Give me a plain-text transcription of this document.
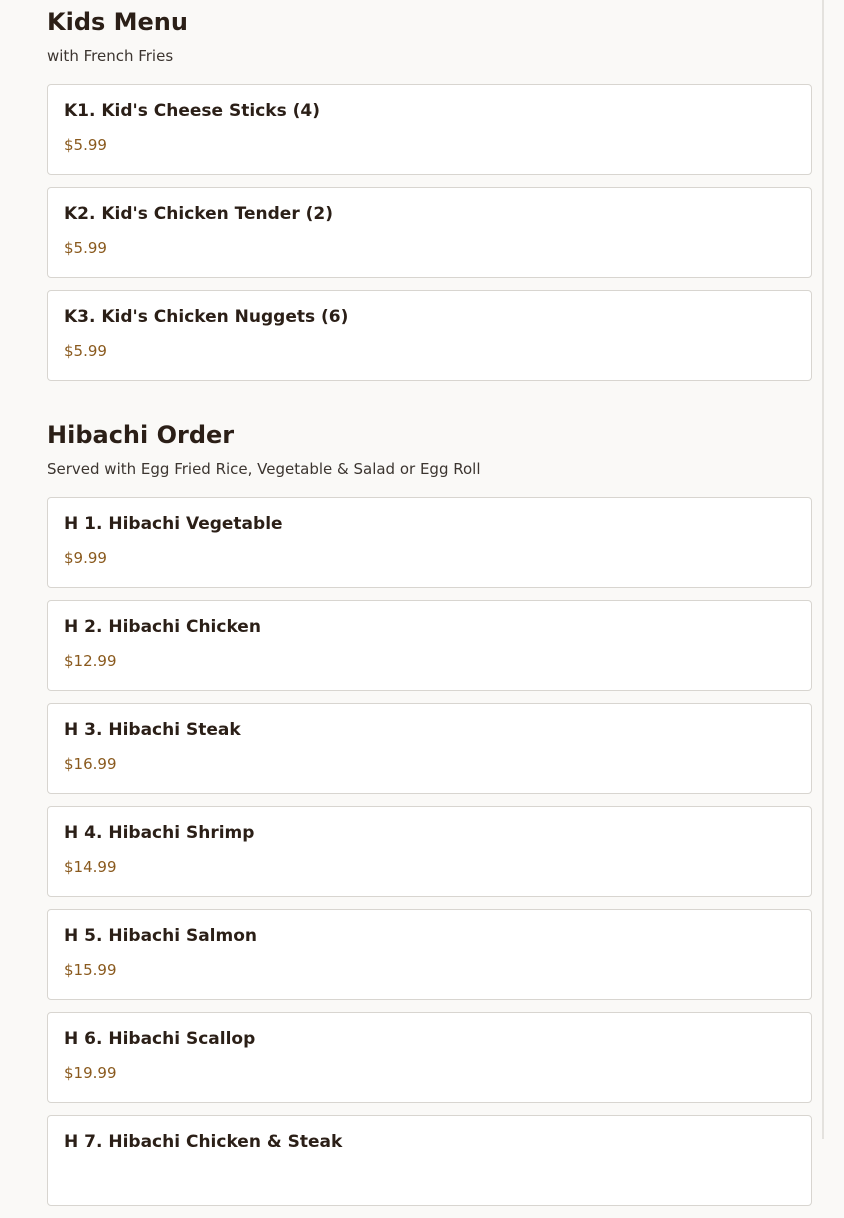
Kids Menu

with French Fries

K1. Kid's Cheese Sticks (4)
$5.99
K2. Kid's Chicken Tender (2)
$5.99
K3. Kid's Chicken Nuggets (6)
$5.99
Hibachi Order

Served with Egg Fried Rice, Vegetable & Salad or Egg Roll

H 1. Hibachi Vegetable
$9.99
H 2. Hibachi Chicken
$12.99
H 3. Hibachi Steak
$16.99
H 4. Hibachi Shrimp
$14.99
H 5. Hibachi Salmon
$15.99
H 6. Hibachi Scallop
$19.99
H 7. Hibachi Chicken & Steak
